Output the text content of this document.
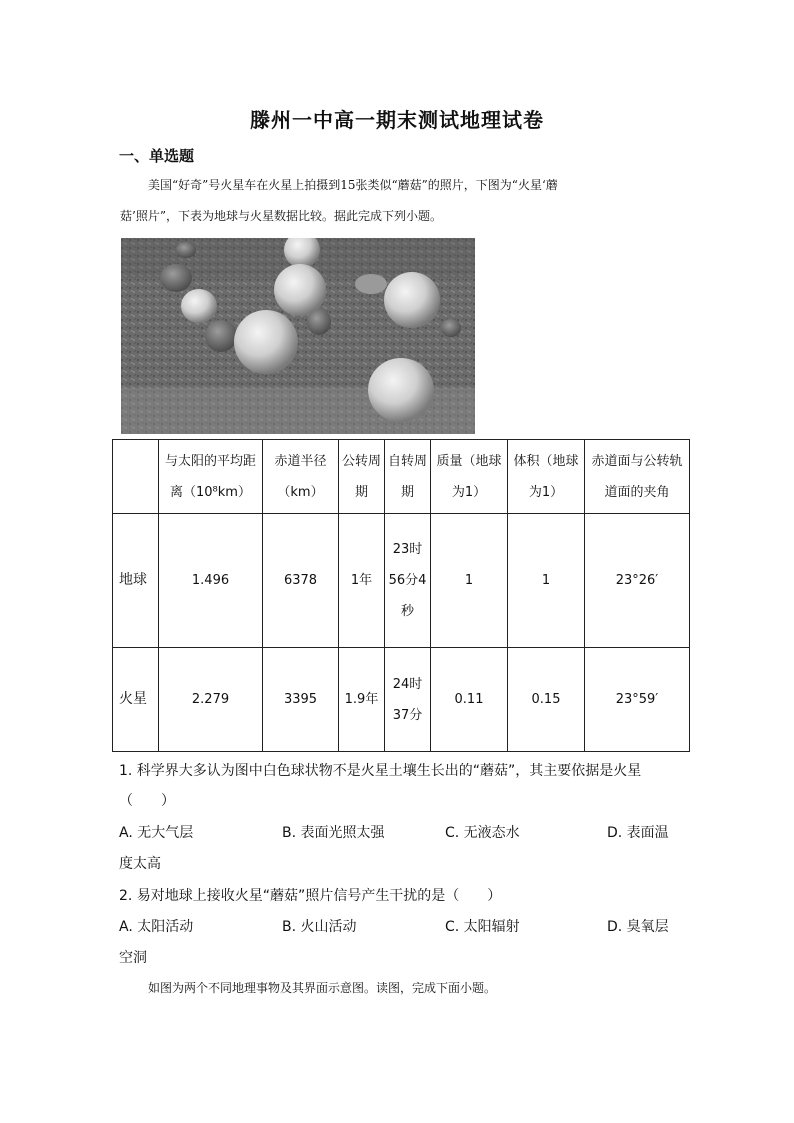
滕州一中高一期末测试地理试卷
一、单选题
美国“好奇”号火星车在火星上拍摄到15张类似“蘑菇”的照片，下图为“火星‘蘑
菇’照片”，下表为地球与火星数据比较。据此完成下列小题。
	与太阳的平均距离（10⁸km）	赤道半径（km）	公转周期	自转周期	质量（地球为1）	体积（地球为1）	赤道面与公转轨道面的夹角
地球	1.496	6378	1年	23时56分4秒	1	1	23°26′
火星	2.279	3395	1.9年	24时37分	0.11	0.15	23°59′
1. 科学界大多认为图中白色球状物不是火星土壤生长出的“蘑菇”，其主要依据是火星
（　　）
A. 无大气层	B. 表面光照太强	C. 无液态水	D. 表面温
度太高
2. 易对地球上接收火星“蘑菇”照片信号产生干扰的是（　　）
A. 太阳活动	B. 火山活动	C. 太阳辐射	D. 臭氧层
空洞
如图为两个不同地理事物及其界面示意图。读图，完成下面小题。
